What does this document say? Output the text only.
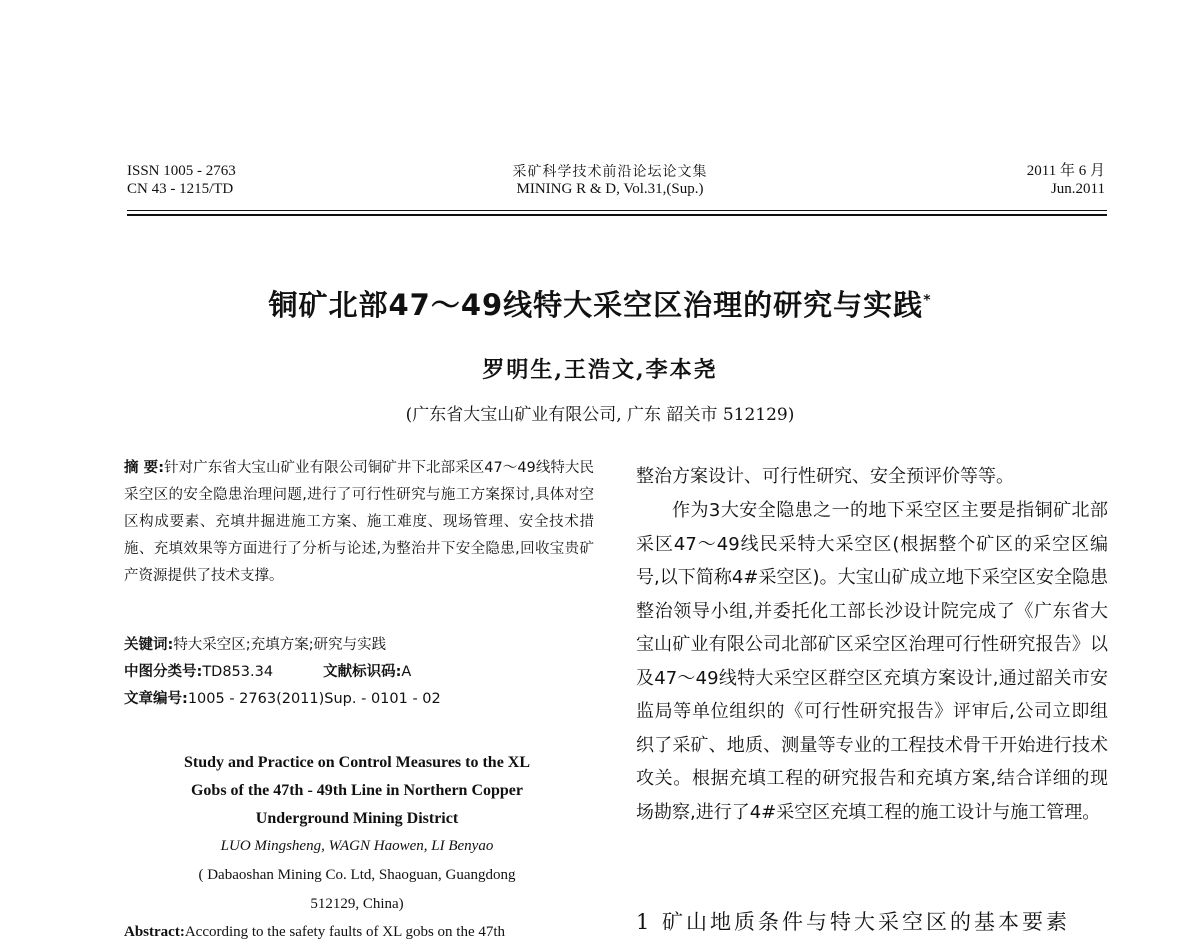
ISSN 1005 - 2763
CN 43 - 1215/TD
采矿科学技术前沿论坛论文集
MINING R & D, Vol.31,(Sup.)
2011 年 6 月
Jun.2011
铜矿北部47～49线特大采空区治理的研究与实践*
罗明生,王浩文,李本尧
(广东省大宝山矿业有限公司, 广东 韶关市 512129)
摘 要:针对广东省大宝山矿业有限公司铜矿井下北部采区47～49线特大民采空区的安全隐患治理问题,进行了可行性研究与施工方案探讨,具体对空区构成要素、充填井掘进施工方案、施工难度、现场管理、安全技术措施、充填效果等方面进行了分析与论述,为整治井下安全隐患,回收宝贵矿产资源提供了技术支撑。
关键词:特大采空区;充填方案;研究与实践
中图分类号:TD853.34	文献标识码:A
文章编号:1005 - 2763(2011)Sup. - 0101 - 02
Study and Practice on Control Measures to the XL
Gobs of the 47th - 49th Line in Northern Copper
Underground Mining District
LUO Mingsheng, WAGN Haowen, LI Benyao
( Dabaoshan Mining Co. Ltd, Shaoguan, Guangdong
512129, China)
Abstract:According to the safety faults of XL gobs on the 47th
整治方案设计、可行性研究、安全预评价等等。
作为3大安全隐患之一的地下采空区主要是指铜矿北部采区47～49线民采特大采空区(根据整个矿区的采空区编号,以下简称4#采空区)。大宝山矿成立地下采空区安全隐患整治领导小组,并委托化工部长沙设计院完成了《广东省大宝山矿业有限公司北部矿区采空区治理可行性研究报告》以及47～49线特大采空区群空区充填方案设计,通过韶关市安监局等单位组织的《可行性研究报告》评审后,公司立即组织了采矿、地质、测量等专业的工程技术骨干开始进行技术攻关。根据充填工程的研究报告和充填方案,结合详细的现场勘察,进行了4#采空区充填工程的施工设计与施工管理。
1 矿山地质条件与特大采空区的基本要素
